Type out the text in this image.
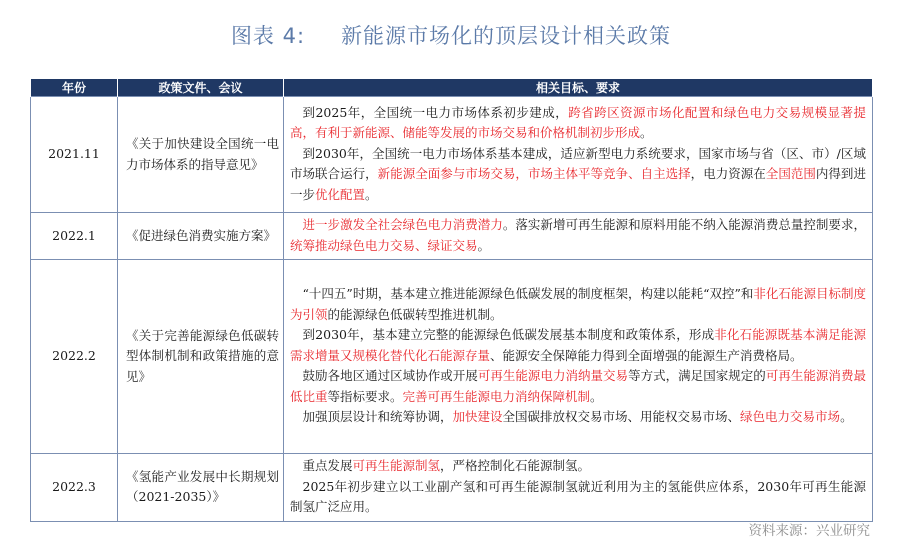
图表 4: 新能源市场化的顶层设计相关政策
年份	政策文件、会议	相关目标、要求
2021.11	《关于加快建设全国统一电力市场体系的指导意见》	到2025年，全国统一电力市场体系初步建成，跨省跨区资源市场化配置和绿色电力交易规模显著提高，有利于新能源、储能等发展的市场交易和价格机制初步形成。
到2030年，全国统一电力市场体系基本建成，适应新型电力系统要求，国家市场与省（区、市）/区域市场联合运行，新能源全面参与市场交易，市场主体平等竞争、自主选择，电力资源在全国范围内得到进一步优化配置。

2022.1	《促进绿色消费实施方案》	进一步激发全社会绿色电力消费潜力。落实新增可再生能源和原料用能不纳入能源消费总量控制要求，统筹推动绿色电力交易、绿证交易。

2022.2	《关于完善能源绿色低碳转型体制机制和政策措施的意见》	“十四五”时期，基本建立推进能源绿色低碳发展的制度框架，构建以能耗“双控”和非化石能源目标制度为引领的能源绿色低碳转型推进机制。
到2030年，基本建立完整的能源绿色低碳发展基本制度和政策体系，形成非化石能源既基本满足能源需求增量又规模化替代化石能源存量、能源安全保障能力得到全面增强的能源生产消费格局。
鼓励各地区通过区域协作或开展可再生能源电力消纳量交易等方式，满足国家规定的可再生能源消费最低比重等指标要求。完善可再生能源电力消纳保障机制。
加强顶层设计和统筹协调，加快建设全国碳排放权交易市场、用能权交易市场、绿色电力交易市场。

2022.3	《氢能产业发展中长期规划（2021-2035）》	重点发展可再生能源制氢，严格控制化石能源制氢。
2025年初步建立以工业副产氢和可再生能源制氢就近利用为主的氢能供应体系，2030年可再生能源制氢广泛应用。
资料来源：兴业研究
